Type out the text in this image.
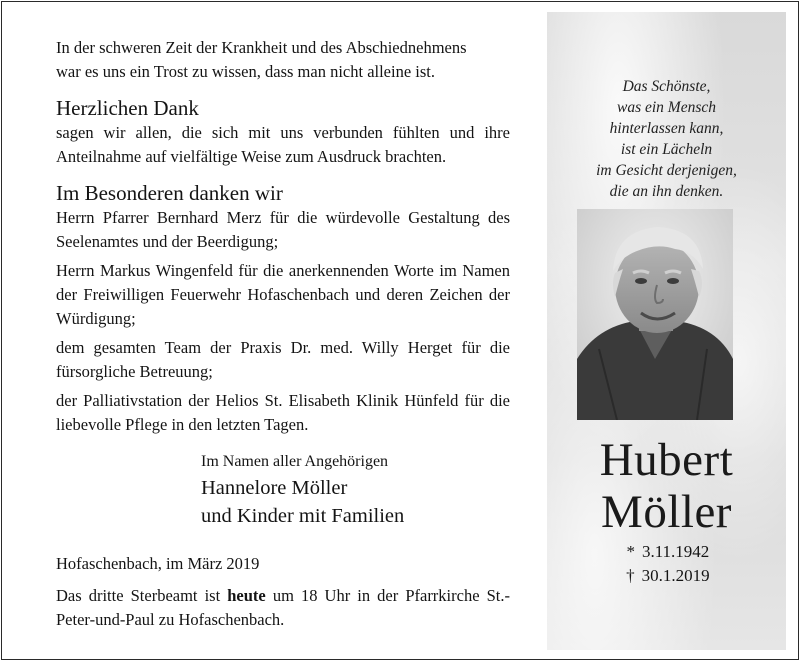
In der schweren Zeit der Krankheit und des Abschiednehmens
war es uns ein Trost zu wissen, dass man nicht alleine ist.

Herzlichen Dank

sagen wir allen, die sich mit uns verbunden fühlten und ihre Anteilnahme auf vielfältige Weise zum Ausdruck brachten.

Im Besonderen danken wir

Herrn Pfarrer Bernhard Merz für die würdevolle Gestaltung des Seelenamtes und der Beerdigung;

Herrn Markus Wingenfeld für die anerkennenden Worte im Namen der Freiwilligen Feuerwehr Hofaschenbach und deren Zeichen der Würdigung;

dem gesamten Team der Praxis Dr. med. Willy Herget für die fürsorgliche Betreuung;

der Palliativstation der Helios St. Elisabeth Klinik Hünfeld für die liebevolle Pflege in den letzten Tagen.

Im Namen aller Angehörigen
Hannelore Möller
und Kinder mit Familien

Hofaschenbach, im März 2019

Das dritte Sterbeamt ist heute um 18 Uhr in der Pfarrkirche St.-Peter-und-Paul zu Hofaschenbach.

Das Schönste,
was ein Mensch
hinterlassen kann,
ist ein Lächeln
im Gesicht derjenigen,
die an ihn denken.
Hubert
Möller
* 3.11.1942
† 30.1.2019
